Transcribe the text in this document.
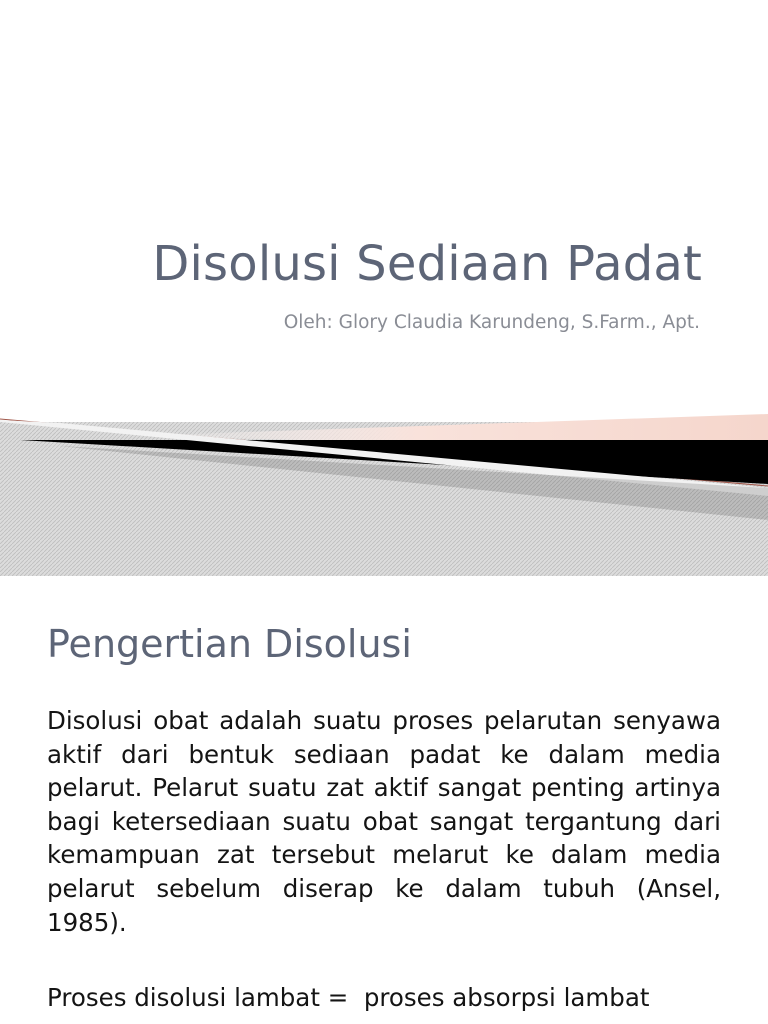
Disolusi Sediaan Padat

Oleh: Glory Claudia Karundeng, S.Farm., Apt.

Pengertian Disolusi

Disolusi obat adalah suatu proses pelarutan senyawa aktif dari bentuk sediaan padat ke dalam media pelarut. Pelarut suatu zat aktif sangat penting artinya bagi ketersediaan suatu obat sangat tergantung dari kemampuan zat tersebut melarut ke dalam media pelarut sebelum diserap ke dalam tubuh (Ansel, 1985).

Proses disolusi lambat =  proses absorpsi lambat
